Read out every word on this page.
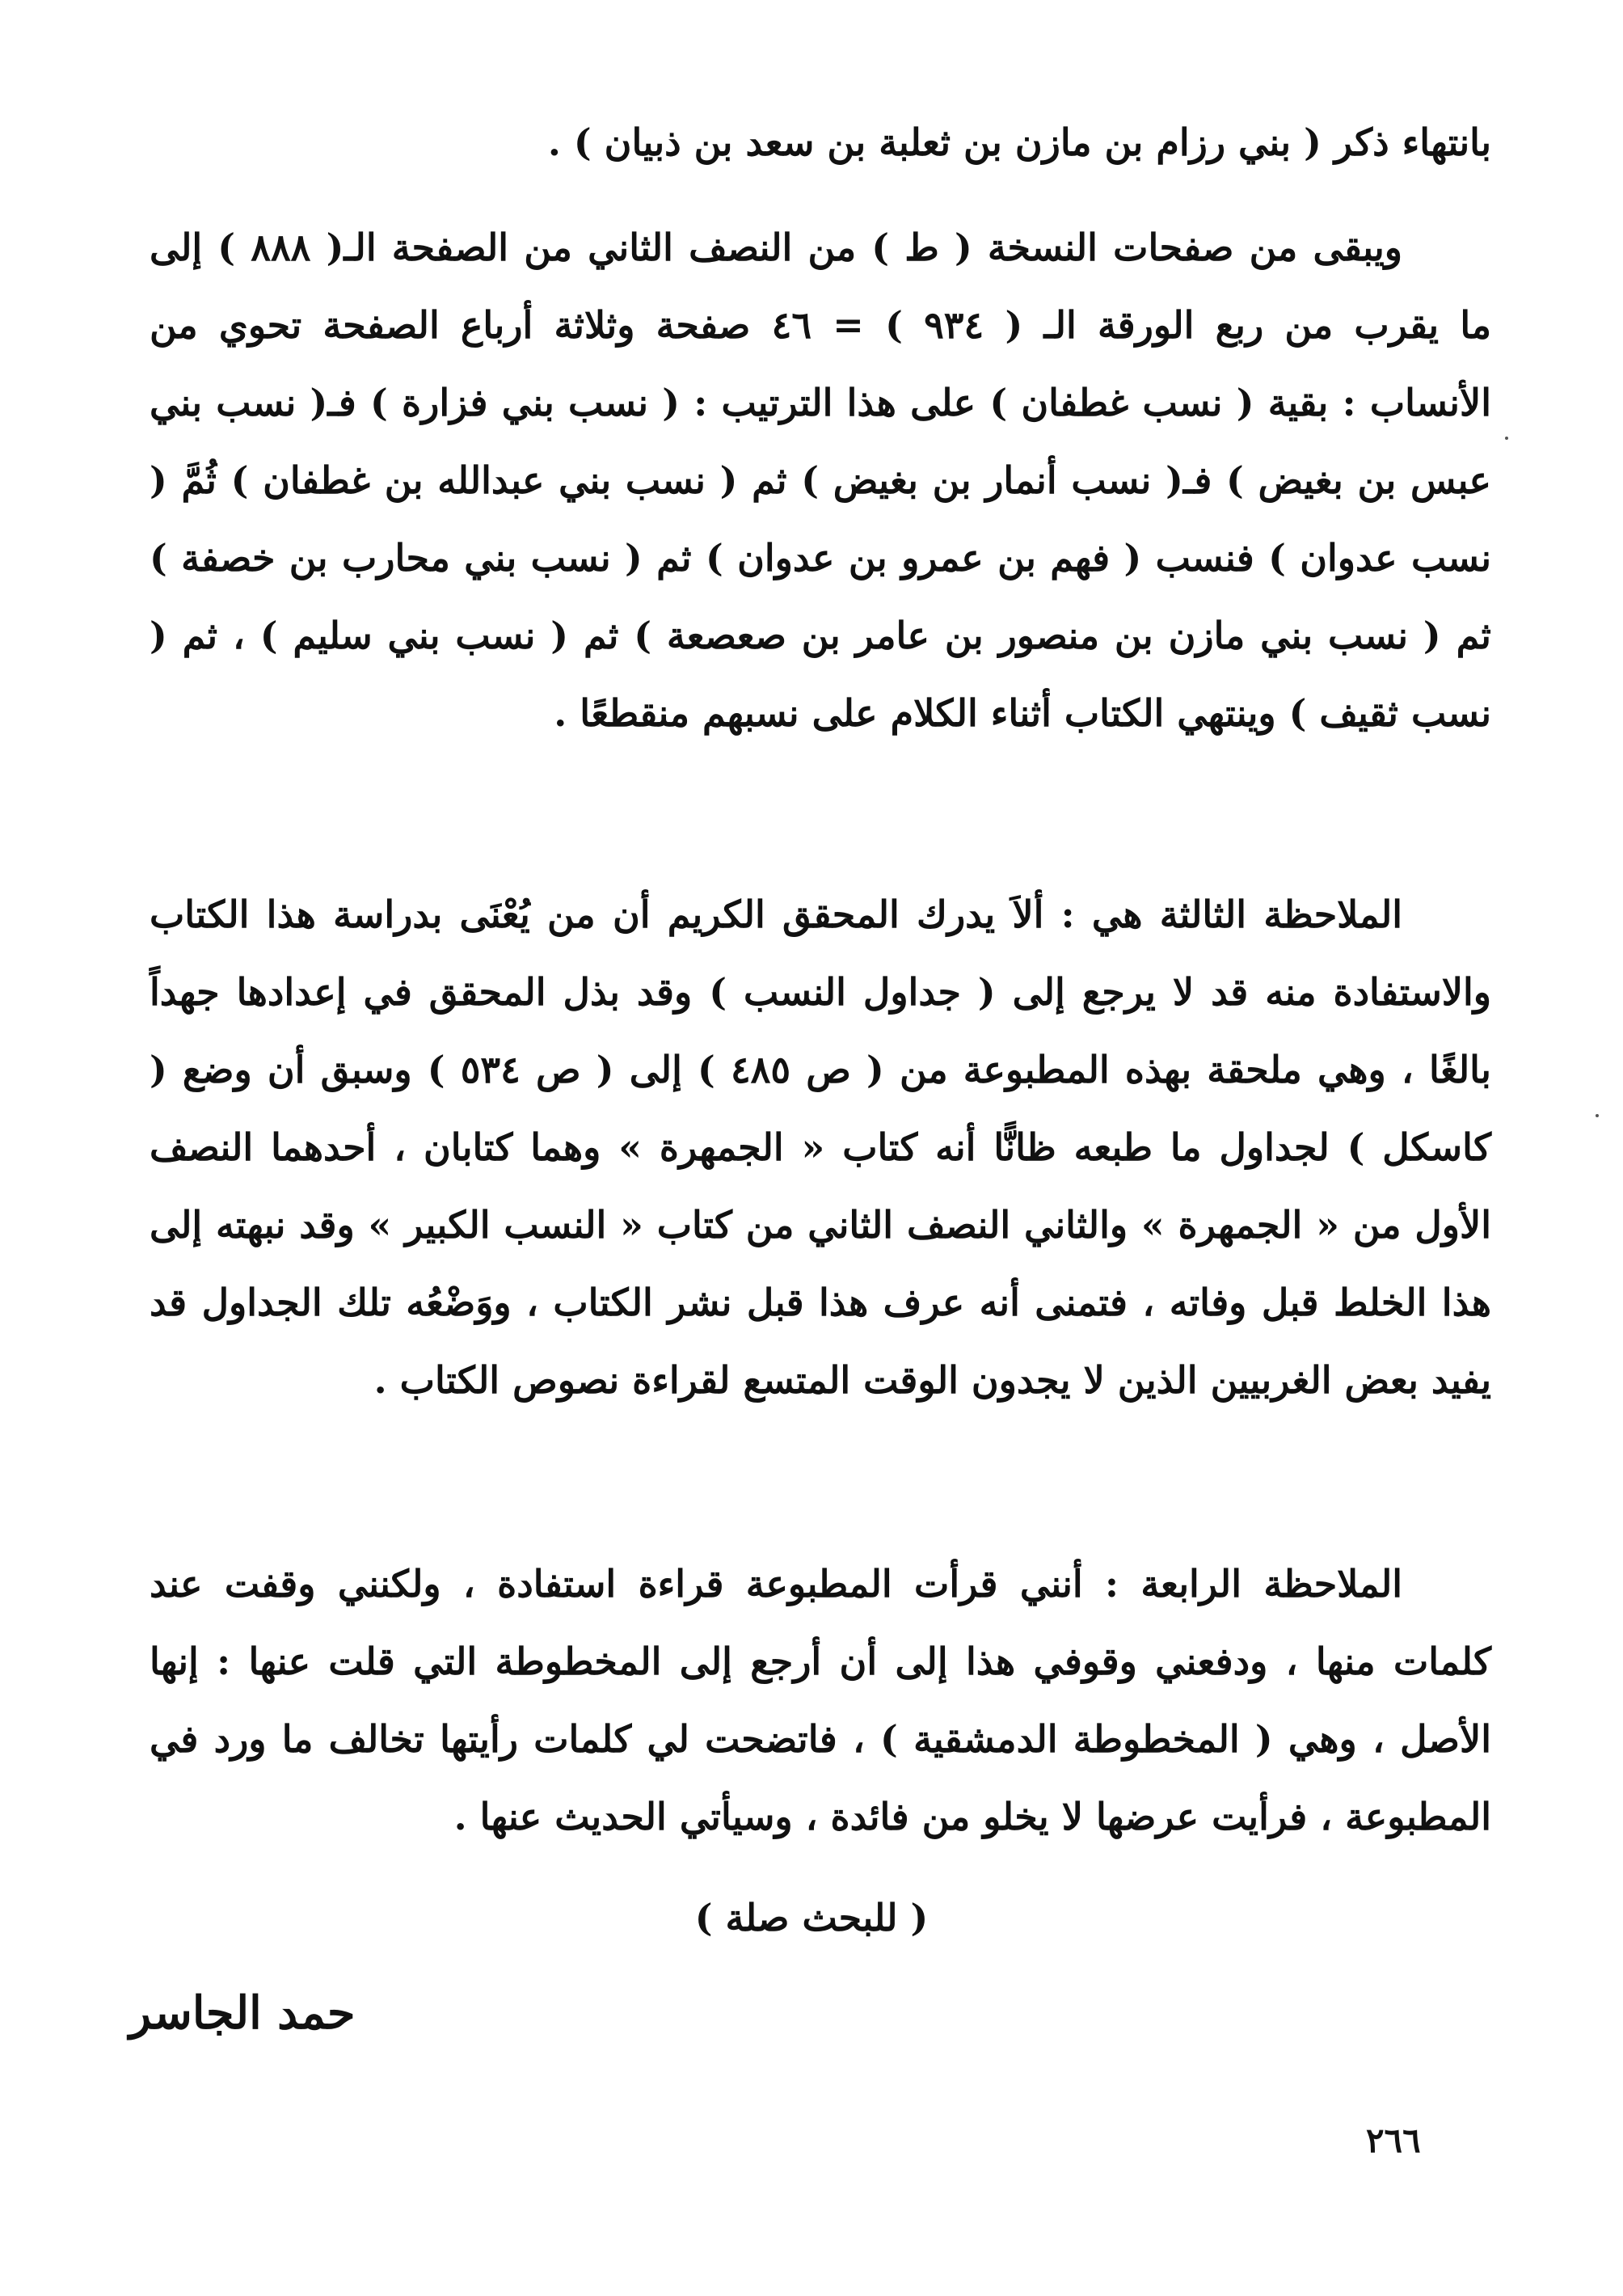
بانتهاء ذكر ( بني رزام بن مازن بن ثعلبة بن سعد بن ذبيان ) .

ويبقى من صفحات النسخة ( ط ) من النصف الثاني من الصفحة الـ( ٨٨٨ ) إلى ما يقرب من ربع الورقة الـ ( ٩٣٤ ) = ٤٦ صفحة وثلاثة أرباع الصفحة تحوي من الأنساب : بقية ( نسب غطفان ) على هذا الترتيب : ( نسب بني فزارة ) فـ( نسب بني عبس بن بغيض ) فـ( نسب أنمار بن بغيض ) ثم ( نسب بني عبدالله بن غطفان ) ثُمَّ ( نسب عدوان ) فنسب ( فهم بن عمرو بن عدوان ) ثم ( نسب بني محارب بن خصفة ) ثم ( نسب بني مازن بن منصور بن عامر بن صعصعة ) ثم ( نسب بني سليم ) ، ثم ( نسب ثقيف ) وينتهي الكتاب أثناء الكلام على نسبهم منقطعًا .

الملاحظة الثالثة هي : ألاَ يدرك المحقق الكريم أن من يُعْنَى بدراسة هذا الكتاب والاستفادة منه قد لا يرجع إلى ( جداول النسب ) وقد بذل المحقق في إعدادها جهداً بالغًا ، وهي ملحقة بهذه المطبوعة من ( ص ٤٨٥ ) إلى ( ص ٥٣٤ ) وسبق أن وضع ( كاسكل ) لجداول ما طبعه ظانًّا أنه كتاب « الجمهرة » وهما كتابان ، أحدهما النصف الأول من « الجمهرة » والثاني النصف الثاني من كتاب « النسب الكبير » وقد نبهته إلى هذا الخلط قبل وفاته ، فتمنى أنه عرف هذا قبل نشر الكتاب ، ووَضْعُه تلك الجداول قد يفيد بعض الغربيين الذين لا يجدون الوقت المتسع لقراءة نصوص الكتاب .

الملاحظة الرابعة : أنني قرأت المطبوعة قراءة استفادة ، ولكنني وقفت عند كلمات منها ، ودفعني وقوفي هذا إلى أن أرجع إلى المخطوطة التي قلت عنها : إنها الأصل ، وهي ( المخطوطة الدمشقية ) ، فاتضحت لي كلمات رأيتها تخالف ما ورد في المطبوعة ، فرأيت عرضها لا يخلو من فائدة ، وسيأتي الحديث عنها .

( للبحث صلة )
حمد الجاسر
٢٦٦
